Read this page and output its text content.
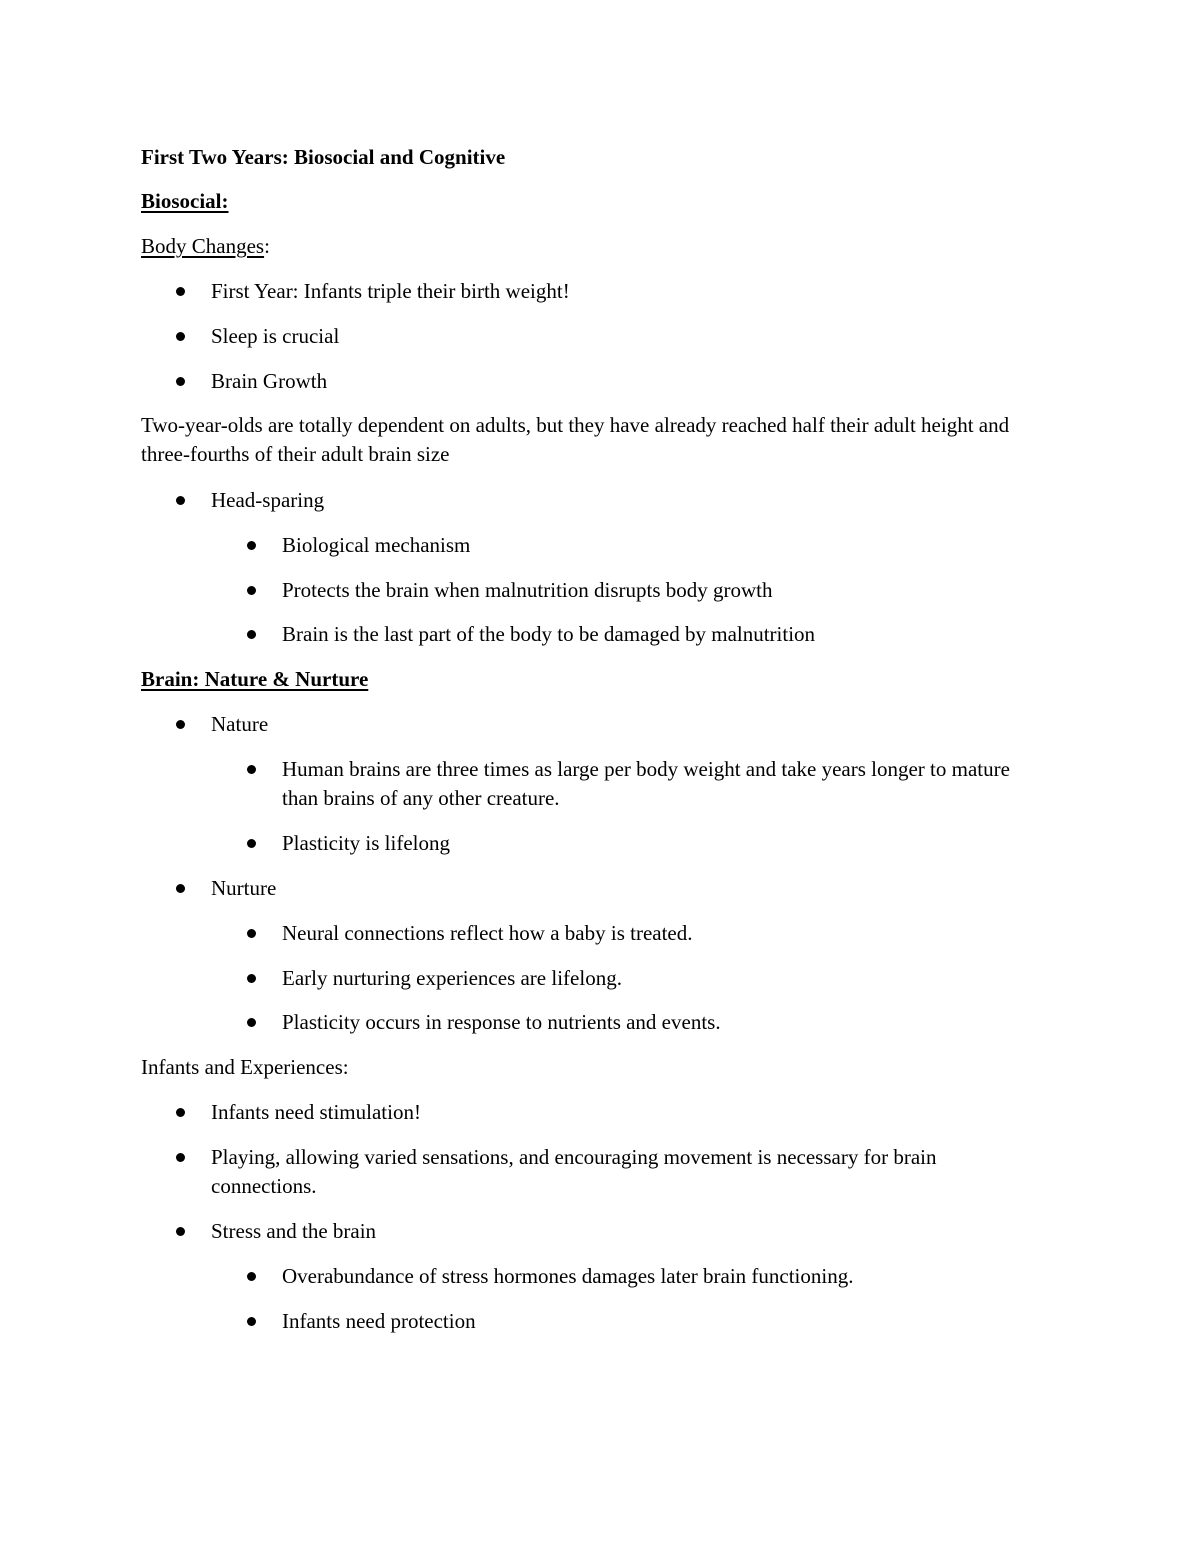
First Two Years: Biosocial and Cognitive
Biosocial:
Body Changes:
First Year: Infants triple their birth weight!
Sleep is crucial
Brain Growth
Two-year-olds are totally dependent on adults, but they have already reached half their adult height and three-fourths of their adult brain size
Head-sparing
Biological mechanism
Protects the brain when malnutrition disrupts body growth
Brain is the last part of the body to be damaged by malnutrition
Brain: Nature & Nurture
Nature
Human brains are three times as large per body weight and take years longer to mature than brains of any other creature.
Plasticity is lifelong
Nurture
Neural connections reflect how a baby is treated.
Early nurturing experiences are lifelong.
Plasticity occurs in response to nutrients and events.
Infants and Experiences:
Infants need stimulation!
Playing, allowing varied sensations, and encouraging movement is necessary for brain connections.
Stress and the brain
Overabundance of stress hormones damages later brain functioning.
Infants need protection
